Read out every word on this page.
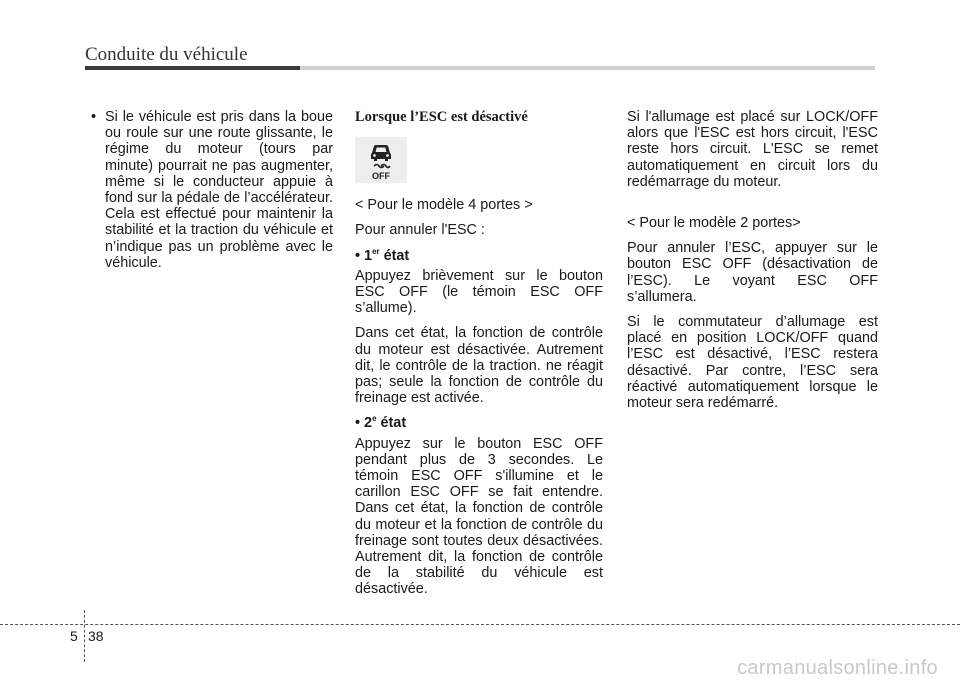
Conduite du véhicule
• Si le véhicule est pris dans la boue ou roule sur une route glissante, le régime du moteur (tours par minute) pourrait ne pas augmenter, même si le conducteur appuie à fond sur la pédale de l’accélérateur. Cela est effectué pour maintenir la stabilité et la traction du véhicule et n’indique pas un problème avec le véhicule.

Lorsque l’ESC est désactivé

OFF

< Pour le modèle 4 portes >

Pour annuler l'ESC :

• 1er état

Appuyez brièvement sur le bouton ESC OFF (le témoin ESC OFF s’allume).

Dans cet état, la fonction de contrôle du moteur est désactivée. Autrement dit, le contrôle de la traction. ne réagit pas; seule la fonction de contrôle du freinage est activée.

• 2e état

Appuyez sur le bouton ESC OFF pendant plus de 3 secondes. Le témoin ESC OFF s'illumine et le carillon ESC OFF se fait entendre. Dans cet état, la fonction de contrôle du moteur et la fonction de contrôle du freinage sont toutes deux désactivées. Autrement dit, la fonction de contrôle de la stabilité du véhicule est désactivée.

Si l'allumage est placé sur LOCK/OFF alors que l'ESC est hors circuit, l'ESC reste hors circuit. L'ESC se remet automatiquement en circuit lors du redémarrage du moteur.

< Pour le modèle 2 portes>

Pour annuler l’ESC, appuyer sur le bouton ESC OFF (désactivation de l’ESC). Le voyant ESC OFF s’allumera.

Si le commutateur d’allumage est placé en position LOCK/OFF quand l’ESC est désactivé, l’ESC restera désactivé. Par contre, l’ESC sera réactivé automatiquement lorsque le moteur sera redémarré.

5 38
carmanualsonline.info
